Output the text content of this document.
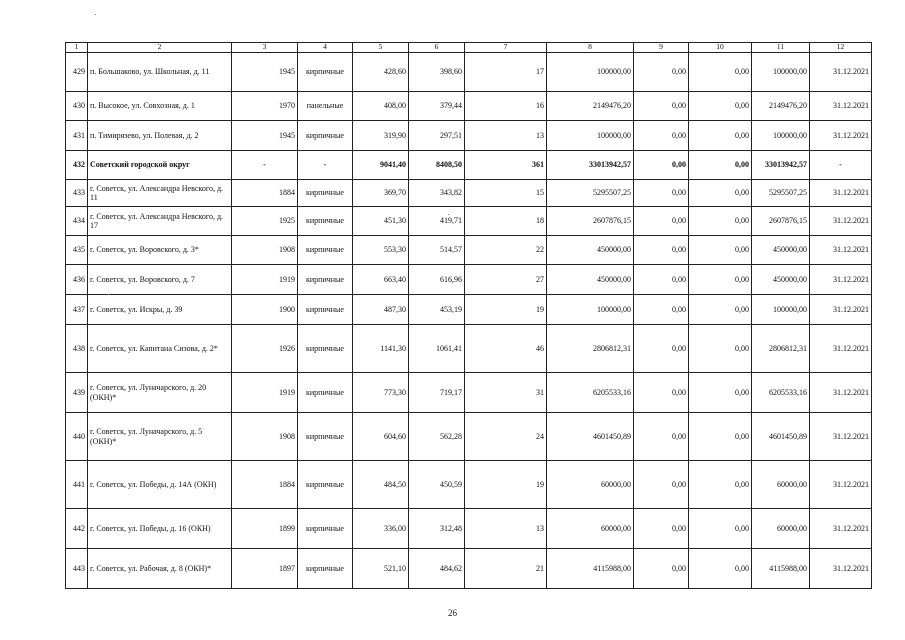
1	2	3	4	5	6	7	8	9	10	11	12
429	п. Большаково, ул. Школьная, д. 11	1945	кирпичные	428,60	398,60	17	100000,00	0,00	0,00	100000,00	31.12.2021
430	п. Высокое, ул. Совхозная, д. 1	1970	панельные	408,00	379,44	16	2149476,20	0,00	0,00	2149476,20	31.12.2021
431	п. Тимирязево, ул. Полевая, д. 2	1945	кирпичные	319,90	297,51	13	100000,00	0,00	0,00	100000,00	31.12.2021
432	Советский городской округ	-	-	9041,40	8408,50	361	33013942,57	0,00	0,00	33013942,57	-
433	г. Советск, ул. Александра Невского, д. 11	1884	кирпичные	369,70	343,82	15	5295507,25	0,00	0,00	5295507,25	31.12.2021
434	г. Советск, ул. Александра Невского, д. 17	1925	кирпичные	451,30	419,71	18	2607876,15	0,00	0,00	2607876,15	31.12.2021
435	г. Советск, ул. Воровского, д. 3*	1908	кирпичные	553,30	514,57	22	450000,00	0,00	0,00	450000,00	31.12.2021
436	г. Советск, ул. Воровского, д. 7	1919	кирпичные	663,40	616,96	27	450000,00	0,00	0,00	450000,00	31.12.2021
437	г. Советск, ул. Искры, д. 39	1900	кирпичные	487,30	453,19	19	100000,00	0,00	0,00	100000,00	31.12.2021
438	г. Советск, ул. Капитана Сизова, д. 2*	1926	кирпичные	1141,30	1061,41	46	2806812,31	0,00	0,00	2806812,31	31.12.2021
439	г. Советск, ул. Луначарского, д. 20 (ОКН)*	1919	кирпичные	773,30	719,17	31	6205533,16	0,00	0,00	6205533,16	31.12.2021
440	г. Советск, ул. Луначарского, д. 5 (ОКН)*	1908	кирпичные	604,60	562,28	24	4601450,89	0,00	0,00	4601450,89	31.12.2021
441	г. Советск, ул. Победы, д. 14А (ОКН)	1884	кирпичные	484,50	450,59	19	60000,00	0,00	0,00	60000,00	31.12.2021
442	г. Советск, ул. Победы, д. 16 (ОКН)	1899	кирпичные	336,00	312,48	13	60000,00	0,00	0,00	60000,00	31.12.2021
443	г. Советск, ул. Рабочая, д. 8 (ОКН)*	1897	кирпичные	521,10	484,62	21	4115988,00	0,00	0,00	4115988,00	31.12.2021
26
